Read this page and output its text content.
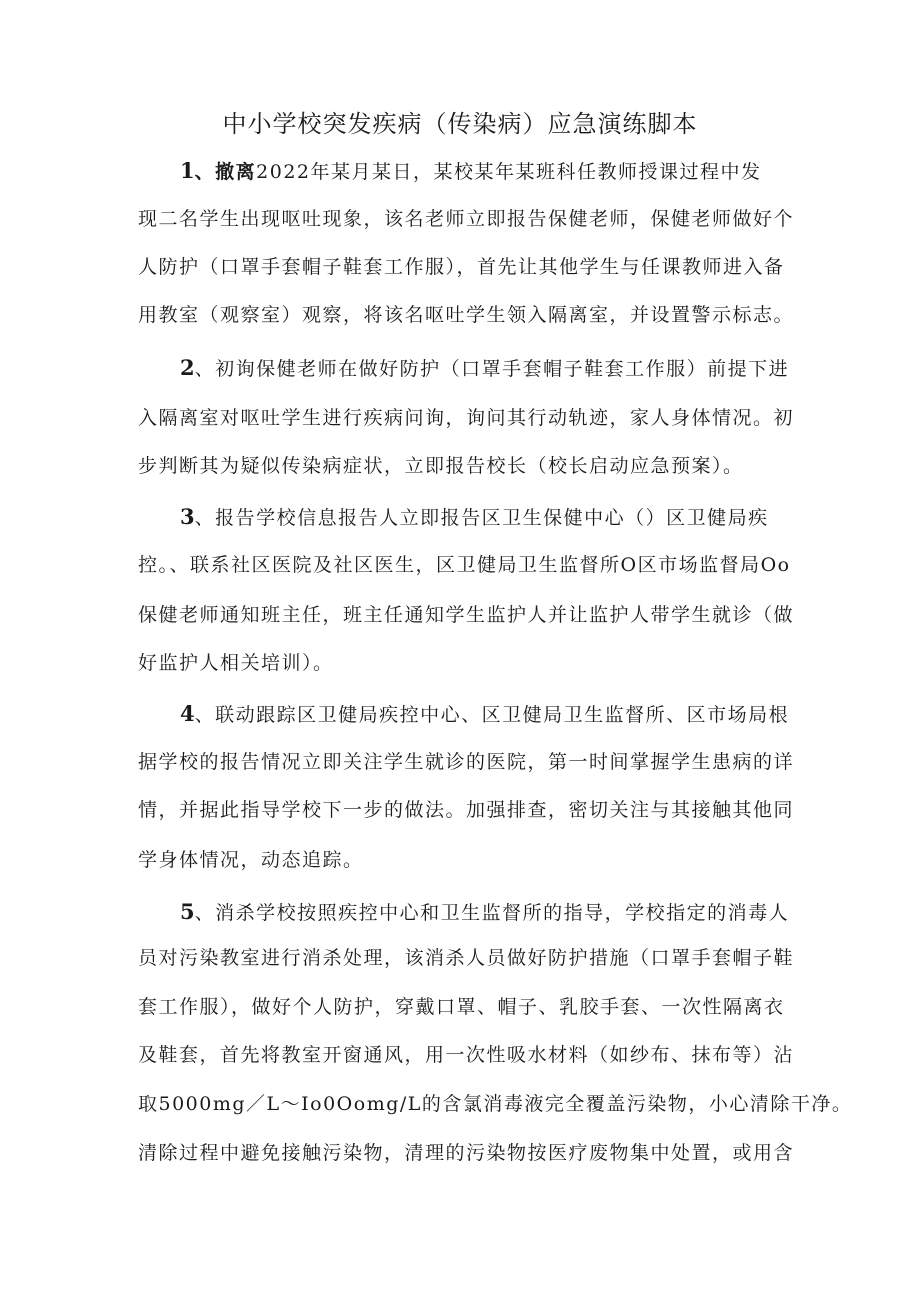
中小学校突发疾病（传染病）应急演练脚本
1、撤离2022年某月某日，某校某年某班科任教师授课过程中发
现二名学生出现呕吐现象，该名老师立即报告保健老师，保健老师做好个
人防护（口罩手套帽子鞋套工作服），首先让其他学生与任课教师进入备
用教室（观察室）观察，将该名呕吐学生领入隔离室，并设置警示标志。
2、初询保健老师在做好防护（口罩手套帽子鞋套工作服）前提下进
入隔离室对呕吐学生进行疾病问询，询问其行动轨迹，家人身体情况。初
步判断其为疑似传染病症状，立即报告校长（校长启动应急预案）。
3、报告学校信息报告人立即报告区卫生保健中心（）区卫健局疾
控。、联系社区医院及社区医生，区卫健局卫生监督所O区市场监督局Oo
保健老师通知班主任，班主任通知学生监护人并让监护人带学生就诊（做
好监护人相关培训）。
4、联动跟踪区卫健局疾控中心、区卫健局卫生监督所、区市场局根
据学校的报告情况立即关注学生就诊的医院，第一时间掌握学生患病的详
情，并据此指导学校下一步的做法。加强排查，密切关注与其接触其他同
学身体情况，动态追踪。
5、消杀学校按照疾控中心和卫生监督所的指导，学校指定的消毒人
员对污染教室进行消杀处理，该消杀人员做好防护措施（口罩手套帽子鞋
套工作服），做好个人防护，穿戴口罩、帽子、乳胶手套、一次性隔离衣
及鞋套，首先将教室开窗通风，用一次性吸水材料（如纱布、抹布等）沾
取5000mg／L～Io0Oomg/L的含氯消毒液完全覆盖污染物，小心清除干净。
清除过程中避免接触污染物，清理的污染物按医疗废物集中处置，或用含
